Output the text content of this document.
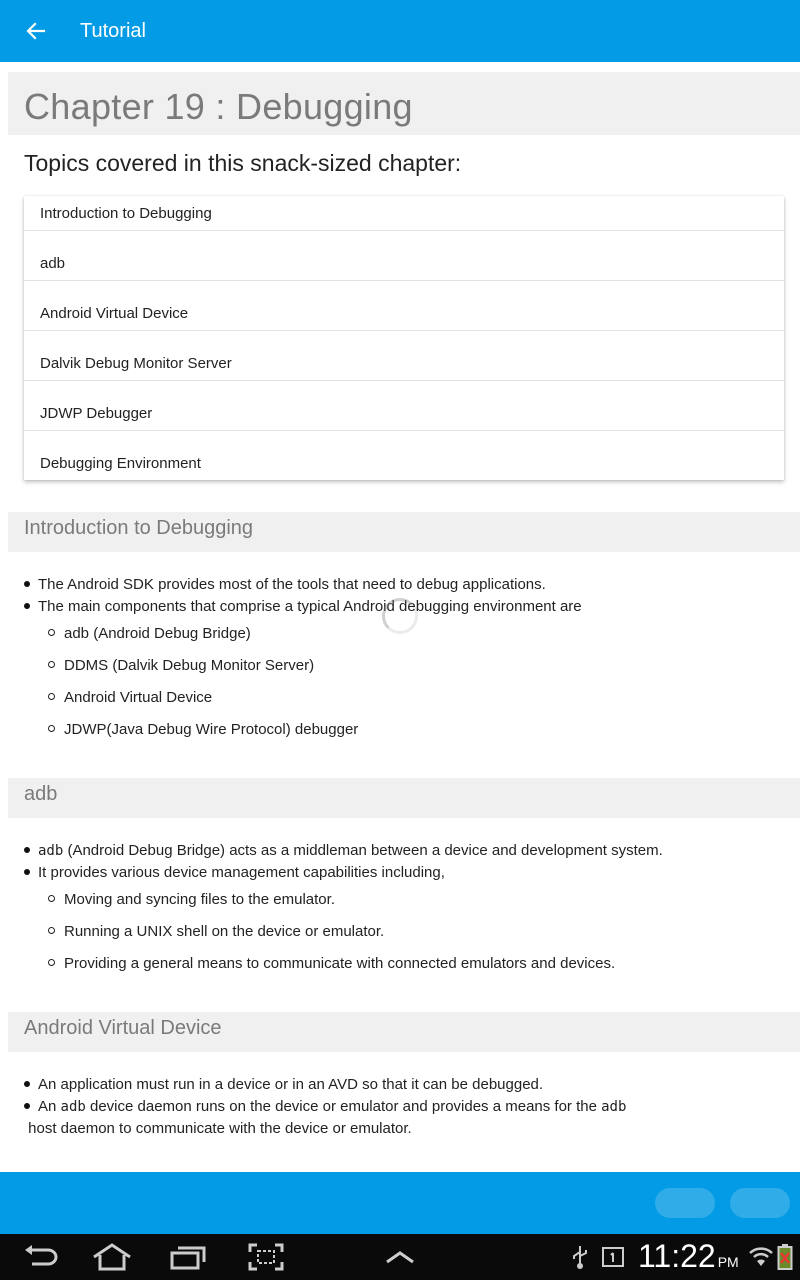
Tutorial
Chapter 19 : Debugging
Topics covered in this snack-sized chapter:
Introduction to Debugging
adb
Android Virtual Device
Dalvik Debug Monitor Server
JDWP Debugger
Debugging Environment
Introduction to Debugging
The Android SDK provides most of the tools that need to debug applications.
The main components that comprise a typical Android debugging environment are
adb (Android Debug Bridge)
DDMS (Dalvik Debug Monitor Server)
Android Virtual Device
JDWP(Java Debug Wire Protocol) debugger
adb
adb (Android Debug Bridge) acts as a middleman between a device and development system.
It provides various device management capabilities including,
Moving and syncing files to the emulator.
Running a UNIX shell on the device or emulator.
Providing a general means to communicate with connected emulators and devices.
Android Virtual Device
An application must run in a device or in an AVD so that it can be debugged.
An adb device daemon runs on the device or emulator and provides a means for the adb host daemon to communicate with the device or emulator.
11:22 PM
